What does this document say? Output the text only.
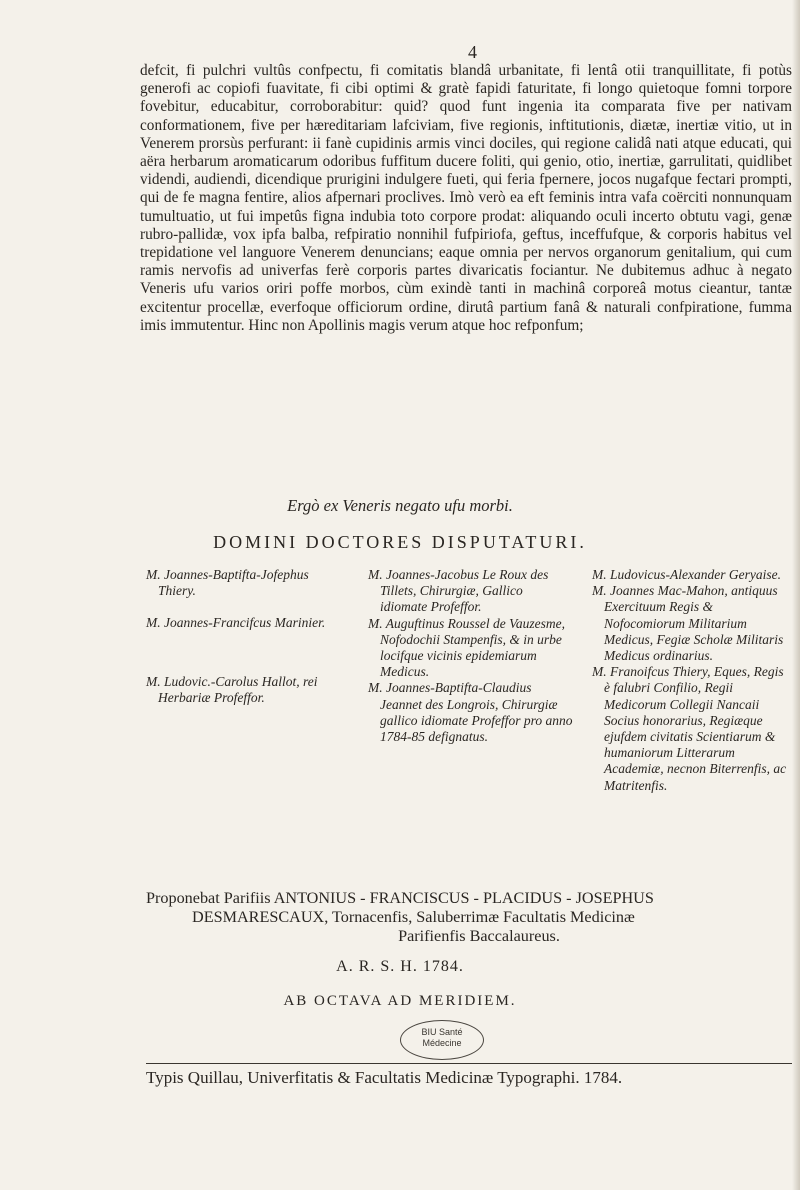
4
defcit, fi pulchri vultûs confpectu, fi comitatis blandâ urbanitate, fi lentâ otii tranquillitate, fi potùs generofi ac copiofi fuavitate, fi cibi optimi & gratè fapidi faturitate, fi longo quietoque fomni torpore fovebitur, educabitur, corroborabitur: quid? quod funt ingenia ita comparata five per nativam conformationem, five per hæreditariam lafciviam, five regionis, inftitutionis, diætæ, inertiæ vitio, ut in Venerem prorsùs perfurant: ii fanè cupidinis armis vinci dociles, qui regione calidâ nati atque educati, qui aëra herbarum aromaticarum odoribus fuffitum ducere foliti, qui genio, otio, inertiæ, garrulitati, quidlibet videndi, audiendi, dicendique prurigini indulgere fueti, qui feria fpernere, jocos nugafque fectari prompti, qui de fe magna fentire, alios afpernari proclives. Imò verò ea eft feminis intra vafa coërciti nonnunquam tumultuatio, ut fui impetûs figna indubia toto corpore prodat: aliquando oculi incerto obtutu vagi, genæ rubro-pallidæ, vox ipfa balba, refpiratio nonnihil fufpiriofa, geftus, inceffufque, & corporis habitus vel trepidatione vel languore Venerem denuncians; eaque omnia per nervos organorum genitalium, qui cum ramis nervofis ad univerfas ferè corporis partes divaricatis fociantur. Ne dubitemus adhuc à negato Veneris ufu varios oriri poffe morbos, cùm exindè tanti in machinâ corporeâ motus cieantur, tantæ excitentur procellæ, everfoque officiorum ordine, dirutâ partium fanâ & naturali confpiratione, fumma imis immutentur. Hinc non Apollinis magis verum atque hoc refponfum;
Ergò ex Veneris negato ufu morbi.
DOMINI DOCTORES DISPUTATURI.
M. Joannes-Baptifta-Jofephus Thiery.
M. Joannes-Francifcus Marinier.
M. Ludovic.-Carolus Hallot, rei Herbariæ Profeffor.
M. Joannes-Jacobus Le Roux des Tillets, Chirurgiæ, Gallico idiomate Profeffor.
M. Auguftinus Roussel de Vauzesme, Nofodochii Stampenfis, & in urbe locifque vicinis epidemiarum Medicus.
M. Joannes-Baptifta-Claudius Jeannet des Longrois, Chirurgiæ gallico idiomate Profeffor pro anno 1784-85 defignatus.
M. Ludovicus-Alexander Geryaise.
M. Joannes Mac-Mahon, antiquus Exercituum Regis & Nofocomiorum Militarium Medicus, Fegiæ Scholæ Militaris Medicus ordinarius.
M. Franoifcus Thiery, Eques, Regis è falubri Confilio, Regii Medicorum Collegii Nancaii Socius honorarius, Regiæque ejufdem civitatis Scientiarum & humaniorum Litterarum Academiæ, necnon Biterrenfis, ac Matritenfis.
Proponebat Parifiis ANTONIUS - FRANCISCUS - PLACIDUS - JOSEPHUS
DESMARESCAUX, Tornacenfis, Saluberrimæ Facultatis Medicinæ
Parifienfis Baccalaureus.
A. R. S. H. 1784.
AB OCTAVA AD MERIDIEM.
BIU Santé
Médecine
Typis Quillau, Univerfitatis & Facultatis Medicinæ Typographi. 1784.
